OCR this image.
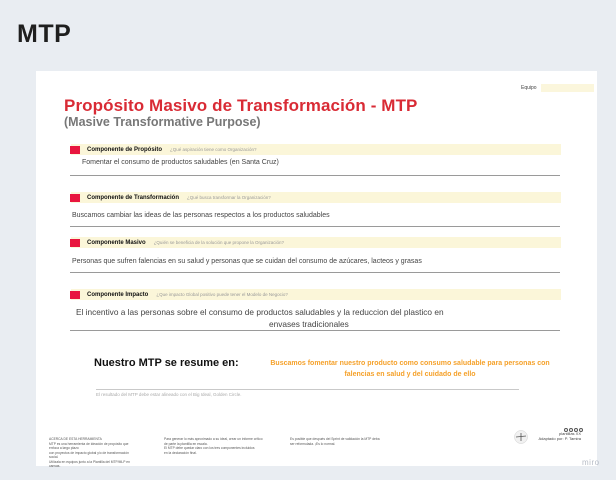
MTP
Equipo
Propósito Masivo de Transformación - MTP
(Masive Transformative Purpose)
Componente de Propósito ¿Qué aspiración tiene como Organización?
Fomentar el consumo de productos saludables (en Santa Cruz)
Componente de Transformación ¿Qué busca transformar la Organización?
Buscamos cambiar las ideas de las personas respectos a los productos saludables
Componente Masivo ¿Quién se beneficia de la solución que propone la Organización?
Personas que sufren falencias en su salud y personas que se cuidan del consumo de azúcares, lacteos y grasas
Componente Impacto ¿Que impacto Global positivo puede tener el Modelo de Negocio?
El incentivo a las personas sobre el consumo de productos saludables y la reduccion del plastico en
envases tradicionales
Nuestro MTP se resume en:	Buscamos fomentar nuestro producto como consumo saludable para personas con
falencias en salud y del cuidado de ello
El resultado del MTP debe estar alineado con el Big Ideal, Golden Circle.
ACERCA DE ESTA HERRAMIENTA
MTP es una herramienta de ideación de propósito que enfoca a largo plazo
con proyectos de impacto global y/o de transformación social.
Utilízala en equipos junto a la Plantilla del MTP/MLP en canvas.
Para generar lo más aproximado a su ideal, crear un informe crítico
de parte la plantilla en escala.
El MTP debe quedar claro con los tres componentes incluidos
en la declaración final.
Es posible que después del Sprint de validación la MTP deba
ser reformulada. ¡Es lo normal.
plantillas XX
Adaptado por: P. Tamira
miro
